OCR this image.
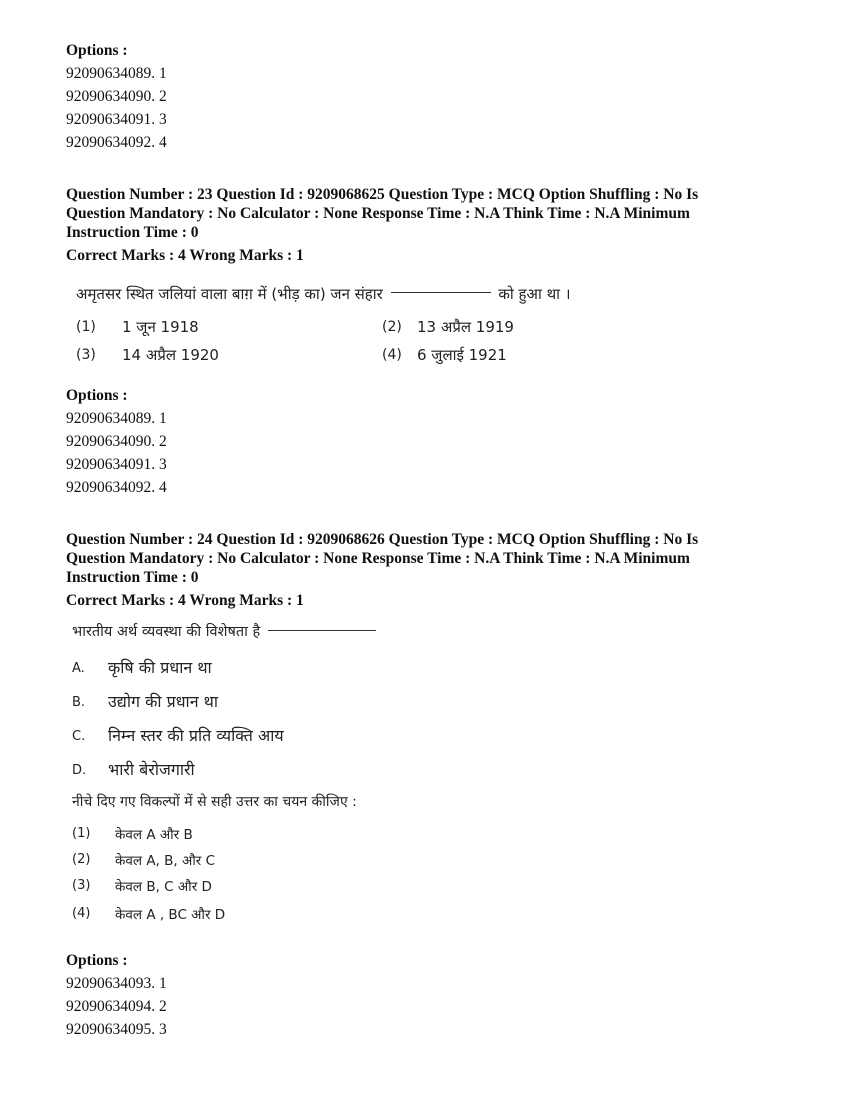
Options :
92090634089. 1
92090634090. 2
92090634091. 3
92090634092. 4
Question Number : 23 Question Id : 9209068625 Question Type : MCQ Option Shuffling : No Is
Question Mandatory : No Calculator : None Response Time : N.A Think Time : N.A Minimum
Instruction Time : 0
Correct Marks : 4 Wrong Marks : 1
अमृतसर स्थित जलियां वाला बाग़ में (भीड़ का) जन संहार	को हुआ था ।
(1) 1 जून 1918	(2) 13 अप्रैल 1919
(3) 14 अप्रैल 1920	(4) 6 जुलाई 1921
Options :
92090634089. 1
92090634090. 2
92090634091. 3
92090634092. 4
Question Number : 24 Question Id : 9209068626 Question Type : MCQ Option Shuffling : No Is
Question Mandatory : No Calculator : None Response Time : N.A Think Time : N.A Minimum
Instruction Time : 0
Correct Marks : 4 Wrong Marks : 1
भारतीय अर्थ व्यवस्था की विशेषता है
A. कृषि की प्रधान था
B. उद्योग की प्रधान था
C. निम्न स्तर की प्रति व्यक्ति आय
D. भारी बेरोजगारी
नीचे दिए गए विकल्पों में से सही उत्तर का चयन कीजिए :
(1) केवल A और B
(2) केवल A, B, और C
(3) केवल B, C और D
(4) केवल A , BC और D
Options :
92090634093. 1
92090634094. 2
92090634095. 3
